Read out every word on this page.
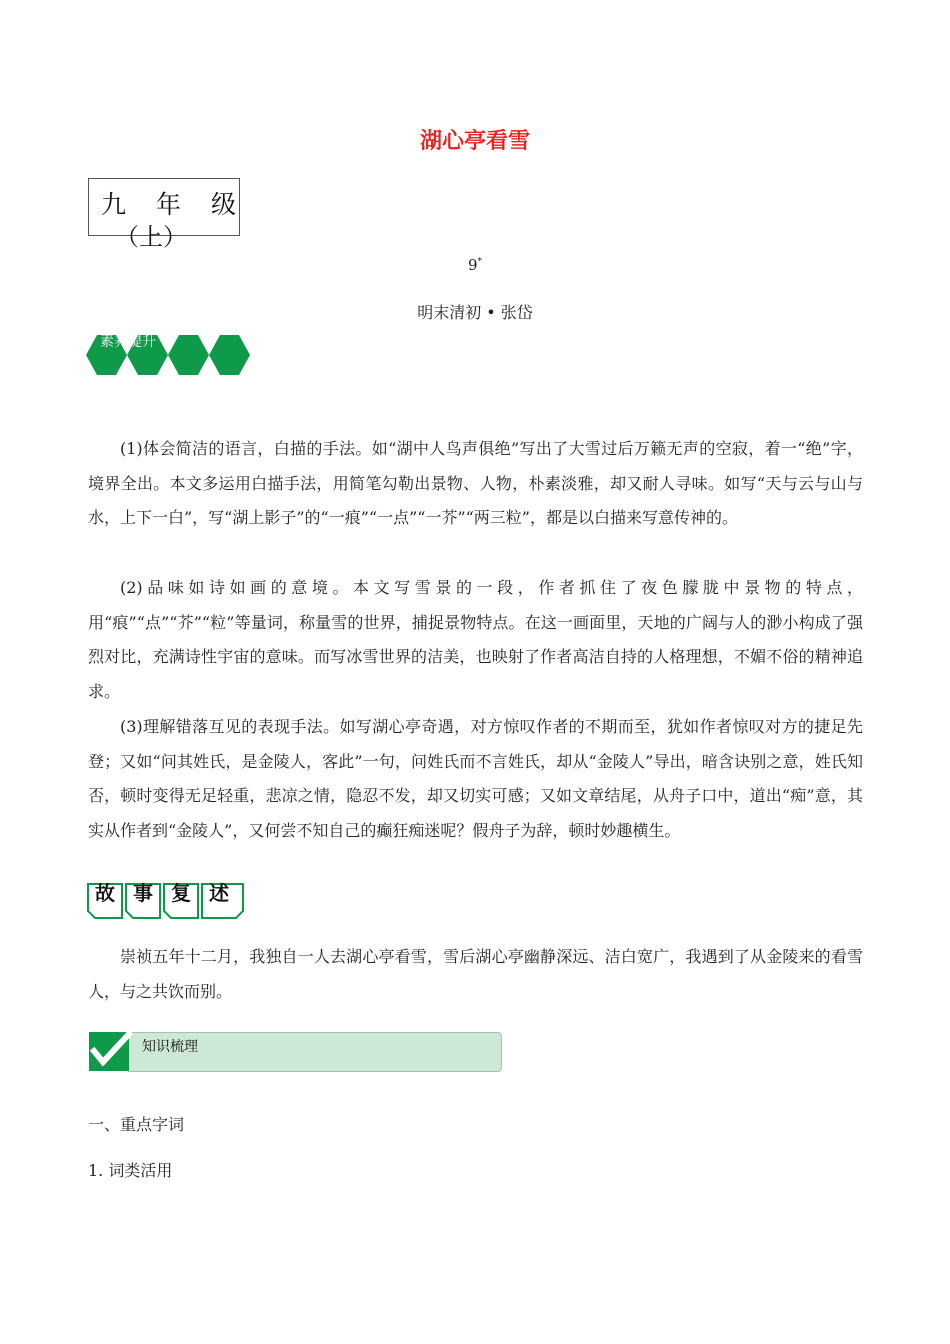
湖心亭看雪
九年级
（上）
9*
明末清初 • 张岱
素养提升
(1)体会简洁的语言，白描的手法。如“湖中人鸟声俱绝”写出了大雪过后万籁无声的空寂，着一“绝”字，境界全出。本文多运用白描手法，用简笔勾勒出景物、人物，朴素淡雅，却又耐人寻味。如写“天与云与山与水，上下一白”，写“湖上影子”的“一痕”“一点”“一芥”“两三粒”，都是以白描来写意传神的。
(2)品味如诗如画的意境。本文写雪景的一段，作者抓住了夜色朦胧中景物的特点，用“痕”“点”“芥”“粒”等量词，称量雪的世界，捕捉景物特点。在这一画面里，天地的广阔与人的渺小构成了强烈对比，充满诗性宇宙的意味。而写冰雪世界的洁美，也映射了作者高洁自持的人格理想，不媚不俗的精神追求。
(3)理解错落互见的表现手法。如写湖心亭奇遇，对方惊叹作者的不期而至，犹如作者惊叹对方的捷足先登；又如“问其姓氏，是金陵人，客此”一句，问姓氏而不言姓氏，却从“金陵人”导出，暗含诀别之意，姓氏知否，顿时变得无足轻重，悲凉之情，隐忍不发，却又切实可感；又如文章结尾，从舟子口中，道出“痴”意，其实从作者到“金陵人”，又何尝不知自己的癫狂痴迷呢？假舟子为辞，顿时妙趣横生。
故事复述
崇祯五年十二月，我独自一人去湖心亭看雪，雪后湖心亭幽静深远、洁白宽广，我遇到了从金陵来的看雪人，与之共饮而别。
知识梳理
一、重点字词
1. 词类活用
